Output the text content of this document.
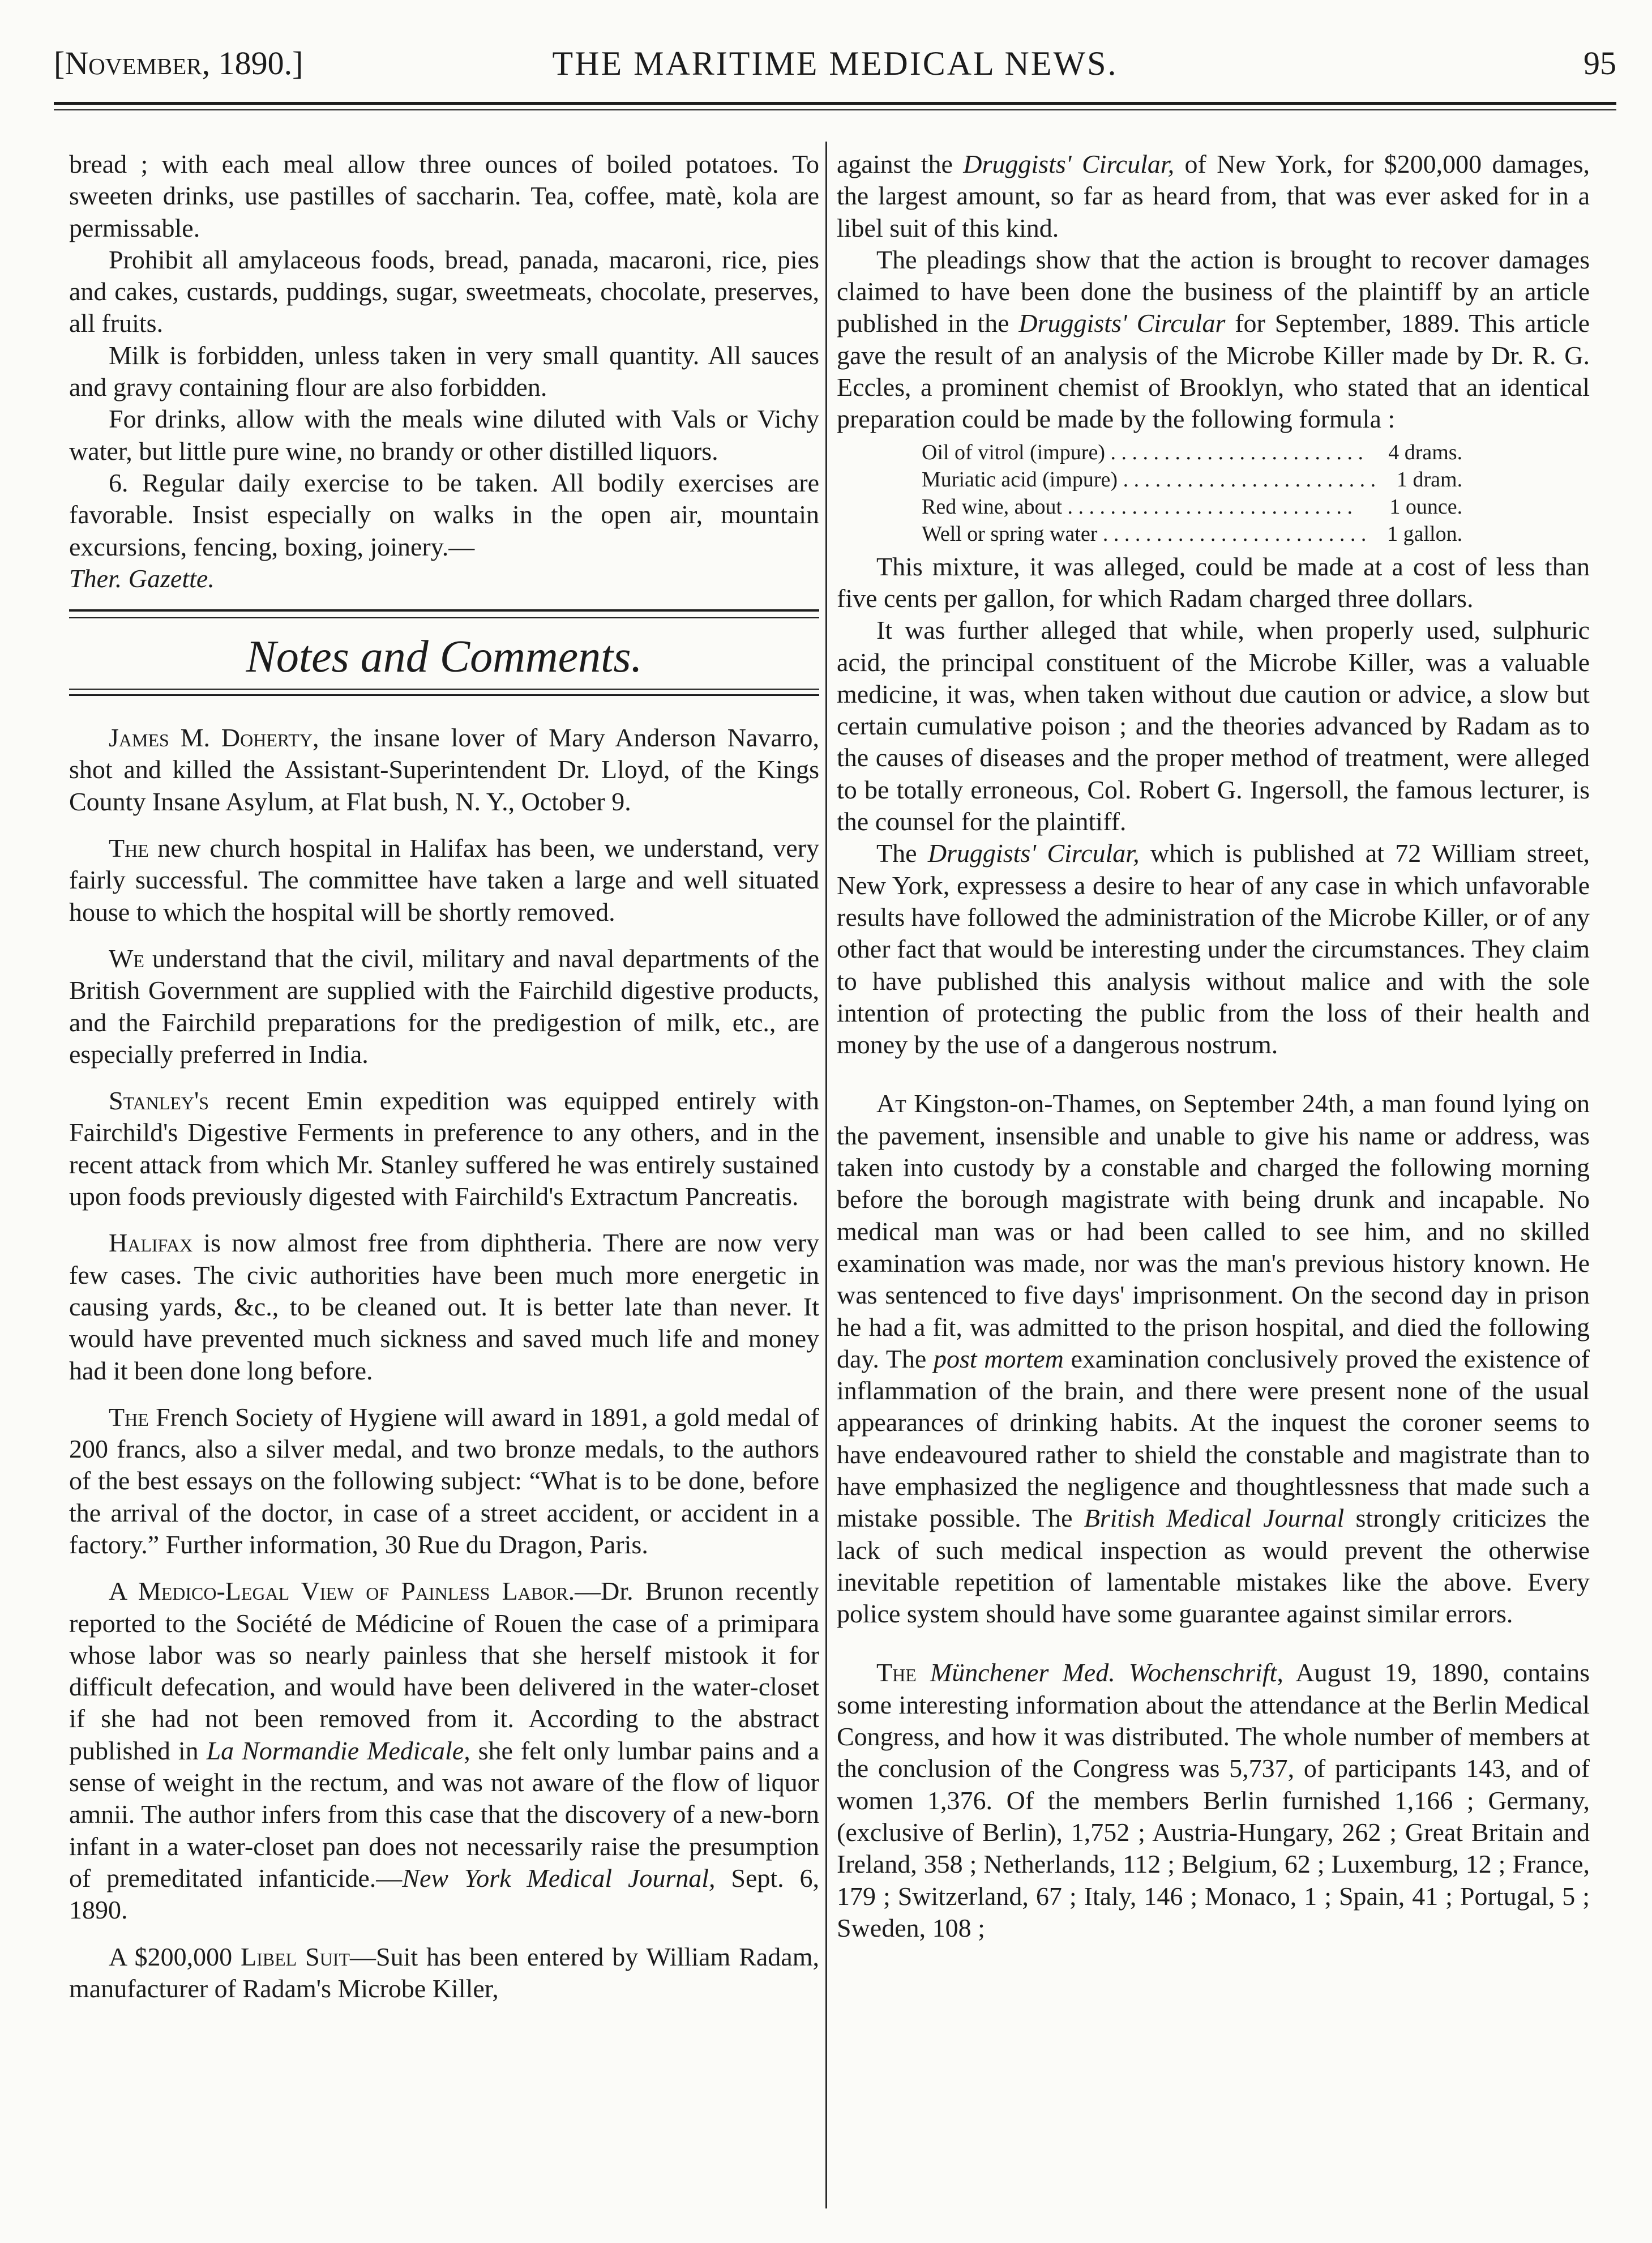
THE MARITIME MEDICAL NEWS.
[November, 1890.]	95

bread ; with each meal allow three ounces of boiled potatoes. To sweeten drinks, use pastilles of saccharin. Tea, coffee, matè, kola are permissable.

Prohibit all amylaceous foods, bread, panada, macaroni, rice, pies and cakes, custards, puddings, sugar, sweetmeats, chocolate, preserves, all fruits.

Milk is forbidden, unless taken in very small quantity. All sauces and gravy containing flour are also forbidden.

For drinks, allow with the meals wine diluted with Vals or Vichy water, but little pure wine, no brandy or other distilled liquors.

6. Regular daily exercise to be taken. All bodily exercises are favorable. Insist especially on walks in the open air, mountain excursions, fencing, boxing, joinery.—
Ther. Gazette.

Notes and Comments.

James M. Doherty, the insane lover of Mary Anderson Navarro, shot and killed the Assistant-Superintendent Dr. Lloyd, of the Kings County Insane Asylum, at Flat bush, N. Y., October 9.

The new church hospital in Halifax has been, we understand, very fairly successful. The committee have taken a large and well situated house to which the hospital will be shortly removed.

We understand that the civil, military and naval departments of the British Government are supplied with the Fairchild digestive products, and the Fairchild preparations for the predigestion of milk, etc., are especially preferred in India.

Stanley's recent Emin expedition was equipped entirely with Fairchild's Digestive Ferments in preference to any others, and in the recent attack from which Mr. Stanley suffered he was entirely sustained upon foods previously digested with Fairchild's Extractum Pancreatis.

Halifax is now almost free from diphtheria. There are now very few cases. The civic authorities have been much more energetic in causing yards, &c., to be cleaned out. It is better late than never. It would have prevented much sickness and saved much life and money had it been done long before.

The French Society of Hygiene will award in 1891, a gold medal of 200 francs, also a silver medal, and two bronze medals, to the authors of the best essays on the following subject: “What is to be done, before the arrival of the doctor, in case of a street accident, or accident in a factory.” Further information, 30 Rue du Dragon, Paris.

A Medico-Legal View of Painless Labor.—Dr. Brunon recently reported to the Société de Médicine of Rouen the case of a primipara whose labor was so nearly painless that she herself mistook it for difficult defecation, and would have been delivered in the water-closet if she had not been removed from it. According to the abstract published in La Normandie Medicale, she felt only lumbar pains and a sense of weight in the rectum, and was not aware of the flow of liquor amnii. The author infers from this case that the discovery of a new-born infant in a water-closet pan does not necessarily raise the presumption of premeditated infanticide.—New York Medical Journal, Sept. 6, 1890.

A $200,000 Libel Suit—Suit has been entered by William Radam, manufacturer of Radam's Microbe Killer,

against the Druggists' Circular, of New York, for $200,000 damages, the largest amount, so far as heard from, that was ever asked for in a libel suit of this kind.

The pleadings show that the action is brought to recover damages claimed to have been done the business of the plaintiff by an article published in the Druggists' Circular for September, 1889. This article gave the result of an analysis of the Microbe Killer made by Dr. R. G. Eccles, a prominent chemist of Brooklyn, who stated that an identical preparation could be made by the following formula :

Oil of vitrol (impure) . . . . . . . . . . . . . . . . . . . . . . . .	4 drams.
Muriatic acid (impure) . . . . . . . . . . . . . . . . . . . . . . . .	1 dram.
Red wine, about . . . . . . . . . . . . . . . . . . . . . . . . . . .	1 ounce.
Well or spring water . . . . . . . . . . . . . . . . . . . . . . . . .	1 gallon.

This mixture, it was alleged, could be made at a cost of less than five cents per gallon, for which Radam charged three dollars.

It was further alleged that while, when properly used, sulphuric acid, the principal constituent of the Microbe Killer, was a valuable medicine, it was, when taken without due caution or advice, a slow but certain cumulative poison ; and the theories advanced by Radam as to the causes of diseases and the proper method of treatment, were alleged to be totally erroneous, Col. Robert G. Ingersoll, the famous lecturer, is the counsel for the plaintiff.

The Druggists' Circular, which is published at 72 William street, New York, expressess a desire to hear of any case in which unfavorable results have followed the administration of the Microbe Killer, or of any other fact that would be interesting under the circumstances. They claim to have published this analysis without malice and with the sole intention of protecting the public from the loss of their health and money by the use of a dangerous nostrum.

At Kingston-on-Thames, on September 24th, a man found lying on the pavement, insensible and unable to give his name or address, was taken into custody by a constable and charged the following morning before the borough magistrate with being drunk and incapable. No medical man was or had been called to see him, and no skilled examination was made, nor was the man's previous history known. He was sentenced to five days' imprisonment. On the second day in prison he had a fit, was admitted to the prison hospital, and died the following day. The post mortem examination conclusively proved the existence of inflammation of the brain, and there were present none of the usual appearances of drinking habits. At the inquest the coroner seems to have endeavoured rather to shield the constable and magistrate than to have emphasized the negligence and thoughtlessness that made such a mistake possible. The British Medical Journal strongly criticizes the lack of such medical inspection as would prevent the otherwise inevitable repetition of lamentable mistakes like the above. Every police system should have some guarantee against similar errors.

The Münchener Med. Wochenschrift, August 19, 1890, contains some interesting information about the attendance at the Berlin Medical Congress, and how it was distributed. The whole number of members at the conclusion of the Congress was 5,737, of participants 143, and of women 1,376. Of the members Berlin furnished 1,166 ; Germany, (exclusive of Berlin), 1,752 ; Austria-Hungary, 262 ; Great Britain and Ireland, 358 ; Netherlands, 112 ; Belgium, 62 ; Luxemburg, 12 ; France, 179 ; Switzerland, 67 ; Italy, 146 ; Monaco, 1 ; Spain, 41 ; Portugal, 5 ; Sweden, 108 ;
